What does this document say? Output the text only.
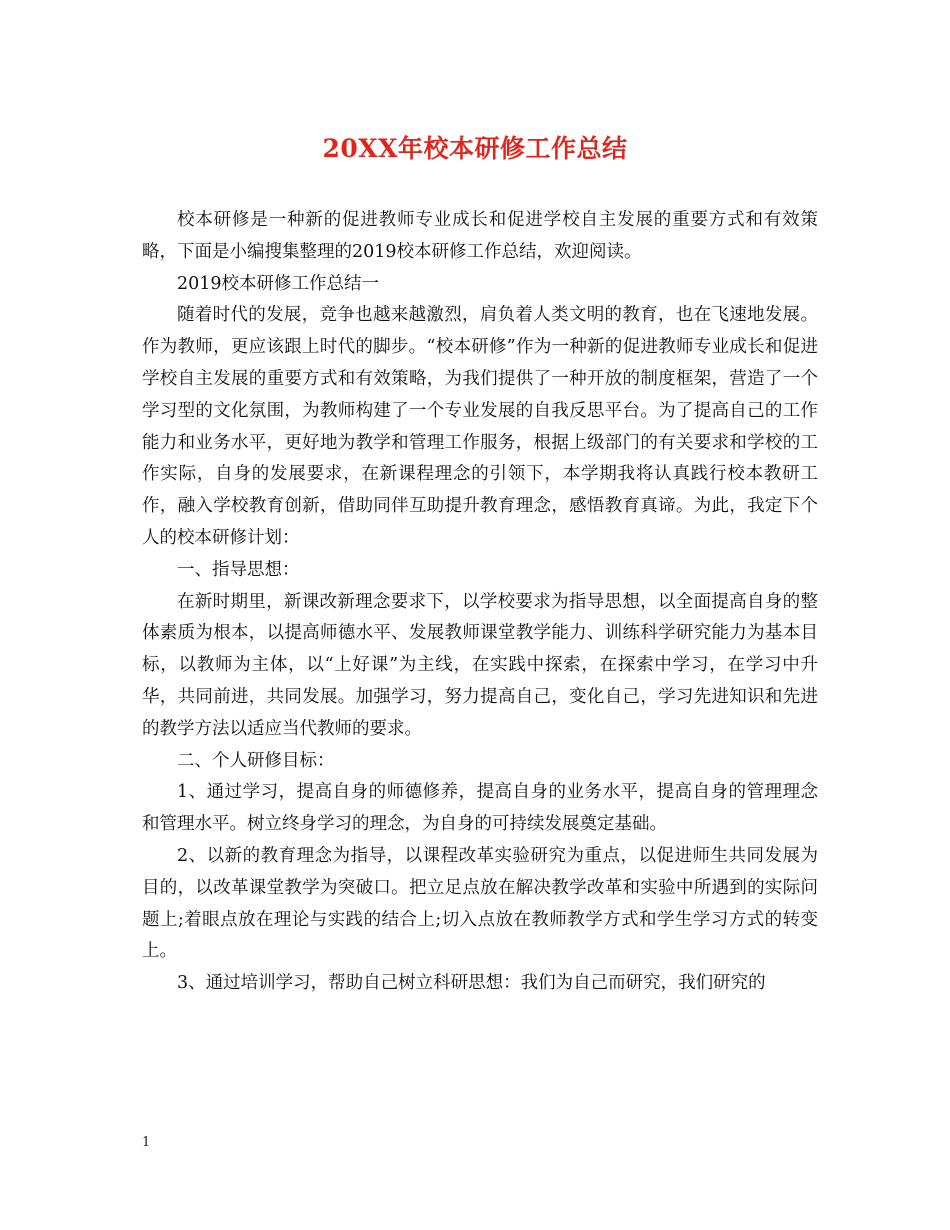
20XX年校本研修工作总结

校本研修是一种新的促进教师专业成长和促进学校自主发展的重要方式和有效策略，下面是小编搜集整理的2019校本研修工作总结，欢迎阅读。

2019校本研修工作总结一

随着时代的发展，竞争也越来越激烈，肩负着人类文明的教育，也在飞速地发展。作为教师，更应该跟上时代的脚步。“校本研修”作为一种新的促进教师专业成长和促进学校自主发展的重要方式和有效策略，为我们提供了一种开放的制度框架，营造了一个学习型的文化氛围，为教师构建了一个专业发展的自我反思平台。为了提高自己的工作能力和业务水平，更好地为教学和管理工作服务，根据上级部门的有关要求和学校的工作实际，自身的发展要求，在新课程理念的引领下，本学期我将认真践行校本教研工作，融入学校教育创新，借助同伴互助提升教育理念，感悟教育真谛。为此，我定下个人的校本研修计划：

一、指导思想：

在新时期里，新课改新理念要求下，以学校要求为指导思想，以全面提高自身的整体素质为根本，以提高师德水平、发展教师课堂教学能力、训练科学研究能力为基本目标，以教师为主体，以“上好课”为主线，在实践中探索，在探索中学习，在学习中升华，共同前进，共同发展。加强学习，努力提高自己，变化自己，学习先进知识和先进的教学方法以适应当代教师的要求。

二、个人研修目标：

1、通过学习，提高自身的师德修养，提高自身的业务水平，提高自身的管理理念和管理水平。树立终身学习的理念，为自身的可持续发展奠定基础。

2、以新的教育理念为指导，以课程改革实验研究为重点，以促进师生共同发展为目的，以改革课堂教学为突破口。把立足点放在解决教学改革和实验中所遇到的实际问题上;着眼点放在理论与实践的结合上;切入点放在教师教学方式和学生学习方式的转变上。

3、通过培训学习，帮助自己树立科研思想：我们为自己而研究，我们研究的

1
